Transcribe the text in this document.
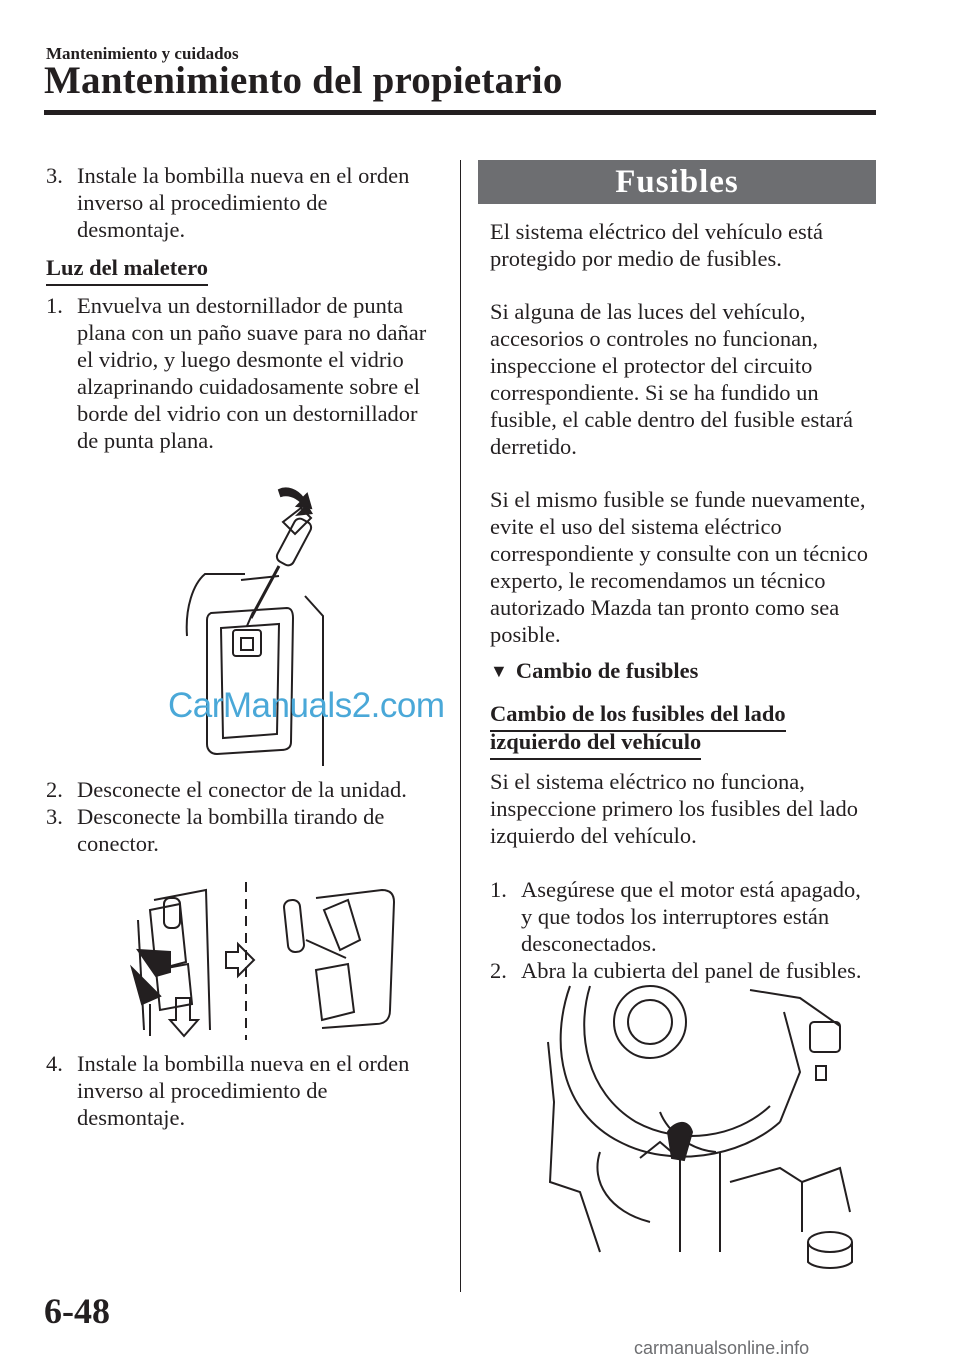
Mantenimiento y cuidados
Mantenimiento del propietario
3. Instale la bombilla nueva en el orden
inverso al procedimiento de
desmontaje.
Luz del maletero
1. Envuelva un destornillador de punta
plana con un paño suave para no dañar
el vidrio, y luego desmonte el vidrio
alzaprinando cuidadosamente sobre el
borde del vidrio con un destornillador
de punta plana.
CarManuals2.com
2. Desconecte el conector de la unidad.
3. Desconecte la bombilla tirando de
conector.
4. Instale la bombilla nueva en el orden
inverso al procedimiento de
desmontaje.
Fusibles
El sistema eléctrico del vehículo está
protegido por medio de fusibles.
Si alguna de las luces del vehículo,
accesorios o controles no funcionan,
inspeccione el protector del circuito
correspondiente. Si se ha fundido un
fusible, el cable dentro del fusible estará
derretido.
Si el mismo fusible se funde nuevamente,
evite el uso del sistema eléctrico
correspondiente y consulte con un técnico
experto, le recomendamos un técnico
autorizado Mazda tan pronto como sea
posible.
▼ Cambio de fusibles
Cambio de los fusibles del lado
izquierdo del vehículo
Si el sistema eléctrico no funciona,
inspeccione primero los fusibles del lado
izquierdo del vehículo.
1. Asegúrese que el motor está apagado,
y que todos los interruptores están
desconectados.
2. Abra la cubierta del panel de fusibles.
6-48
carmanualsonline.info
